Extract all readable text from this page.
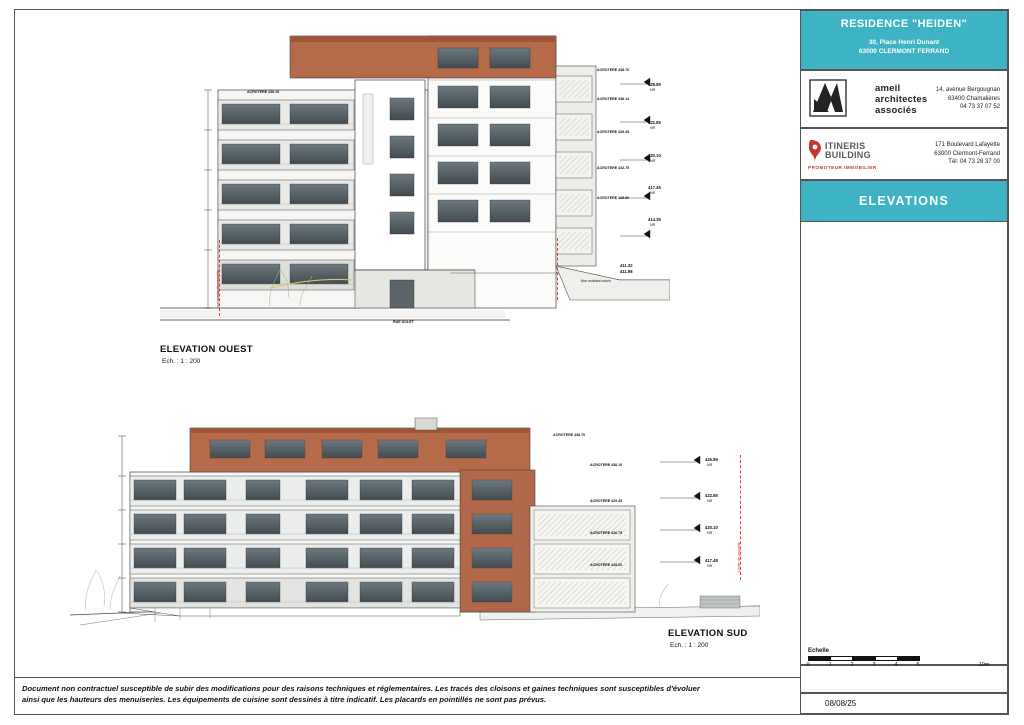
ACROTERE 438.70
ACROTERE 438.15
ACROTERE 438.14
ACROTERE 429.45
ACROTERE 432.75
ACROTERE 425.90
428.89
NR
422.85
NR
420.10
NR
417.45
NR
414.35
NR
411.32
411.98
RUE DOLET
Limite de propriété	Mur existant voisin
ELEVATION OUEST
Ech. : 1 : 200
Limite de propriété
ACROTERE 438.70
ACROTERE 438.10
ACROTERE 429.45
ACROTERE 426.75
ACROTERE 428.60
426.89
NR
422.85
NR
420.10
NR
417.48
NR
ELEVATION SUD
Ech. : 1 : 200
Document non contractuel susceptible de subir des modifications pour des raisons techniques et réglementaires. Les tracés des cloisons et gaines techniques sont susceptibles d'évoluer
ainsi que les hauteurs des menuiseries. Les équipements de cuisine sont dessinés à titre indicatif. Les placards en pointillés ne sont pas prévus.
RESIDENCE "HEIDEN"
30, Place Henri Dunant
63000 CLERMONT FERRAND
ameil
architectes
associés
14, avenue Bergougnan
63400 Chamalières
04 73 37 07 52
ITINERIS
BUILDING
PROMOTEUR IMMOBILIER
171 Boulevard Lafayette
63000 Clermont-Ferrand
Tél: 04 73 28 37 00
ELEVATIONS
08/08/25
Echelle
0	1	2	3	4	5	10m
